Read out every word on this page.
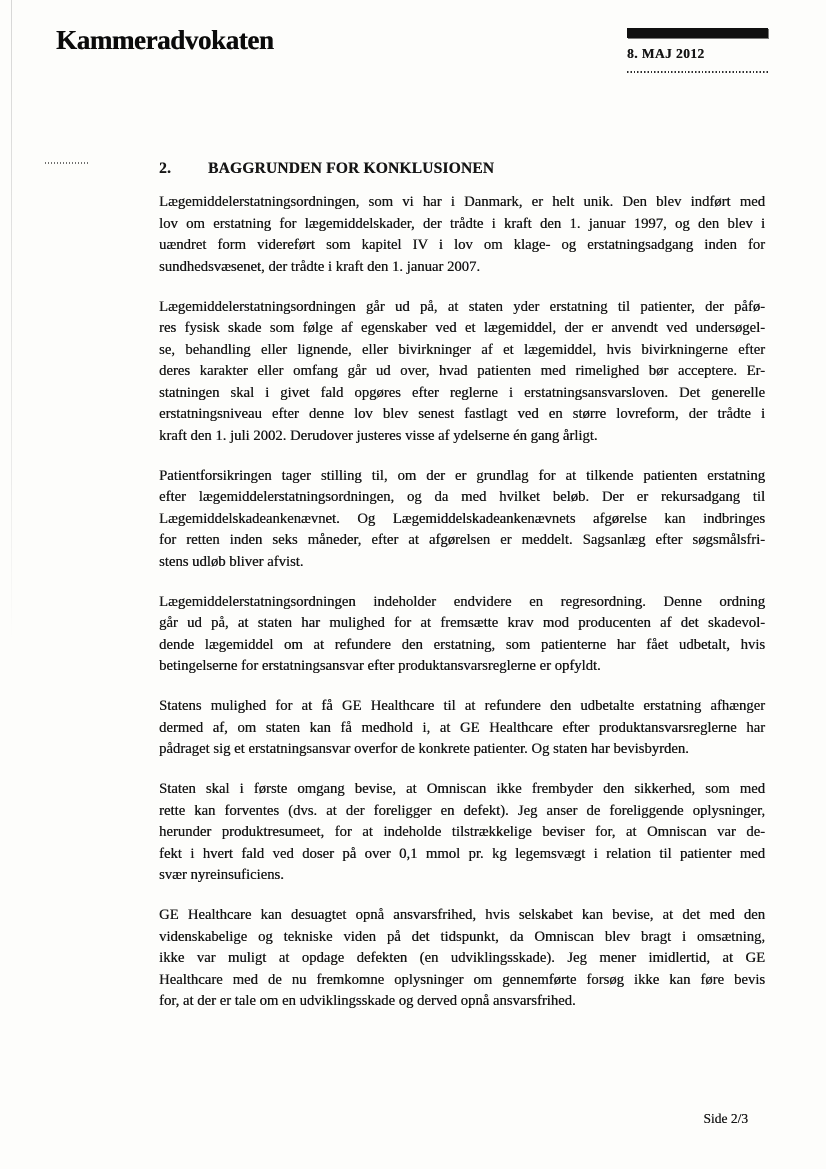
Kammeradvokaten	8. MAJ 2012
2. BAGGRUNDEN FOR KONKLUSIONEN
Lægemiddelerstatningsordningen, som vi har i Danmark, er helt unik. Den blev indført med
lov om erstatning for lægemiddelskader, der trådte i kraft den 1. januar 1997, og den blev i
uændret form videreført som kapitel IV i lov om klage- og erstatningsadgang inden for
sundhedsvæsenet, der trådte i kraft den 1. januar 2007.
Lægemiddelerstatningsordningen går ud på, at staten yder erstatning til patienter, der påfø-
res fysisk skade som følge af egenskaber ved et lægemiddel, der er anvendt ved undersøgel-
se, behandling eller lignende, eller bivirkninger af et lægemiddel, hvis bivirkningerne efter
deres karakter eller omfang går ud over, hvad patienten med rimelighed bør acceptere. Er-
statningen skal i givet fald opgøres efter reglerne i erstatningsansvarsloven. Det generelle
erstatningsniveau efter denne lov blev senest fastlagt ved en større lovreform, der trådte i
kraft den 1. juli 2002. Derudover justeres visse af ydelserne én gang årligt.
Patientforsikringen tager stilling til, om der er grundlag for at tilkende patienten erstatning
efter lægemiddelerstatningsordningen, og da med hvilket beløb. Der er rekursadgang til
Lægemiddelskadeankenævnet. Og Lægemiddelskadeankenævnets afgørelse kan indbringes
for retten inden seks måneder, efter at afgørelsen er meddelt. Sagsanlæg efter søgsmålsfri-
stens udløb bliver afvist.
Lægemiddelerstatningsordningen indeholder endvidere en regresordning. Denne ordning
går ud på, at staten har mulighed for at fremsætte krav mod producenten af det skadevol-
dende lægemiddel om at refundere den erstatning, som patienterne har fået udbetalt, hvis
betingelserne for erstatningsansvar efter produktansvarsreglerne er opfyldt.
Statens mulighed for at få GE Healthcare til at refundere den udbetalte erstatning afhænger
dermed af, om staten kan få medhold i, at GE Healthcare efter produktansvarsreglerne har
pådraget sig et erstatningsansvar overfor de konkrete patienter. Og staten har bevisbyrden.
Staten skal i første omgang bevise, at Omniscan ikke frembyder den sikkerhed, som med
rette kan forventes (dvs. at der foreligger en defekt). Jeg anser de foreliggende oplysninger,
herunder produktresumeet, for at indeholde tilstrækkelige beviser for, at Omniscan var de-
fekt i hvert fald ved doser på over 0,1 mmol pr. kg legemsvægt i relation til patienter med
svær nyreinsuficiens.
GE Healthcare kan desuagtet opnå ansvarsfrihed, hvis selskabet kan bevise, at det med den
videnskabelige og tekniske viden på det tidspunkt, da Omniscan blev bragt i omsætning,
ikke var muligt at opdage defekten (en udviklingsskade). Jeg mener imidlertid, at GE
Healthcare med de nu fremkomne oplysninger om gennemførte forsøg ikke kan føre bevis
for, at der er tale om en udviklingsskade og derved opnå ansvarsfrihed.
Side 2/3
